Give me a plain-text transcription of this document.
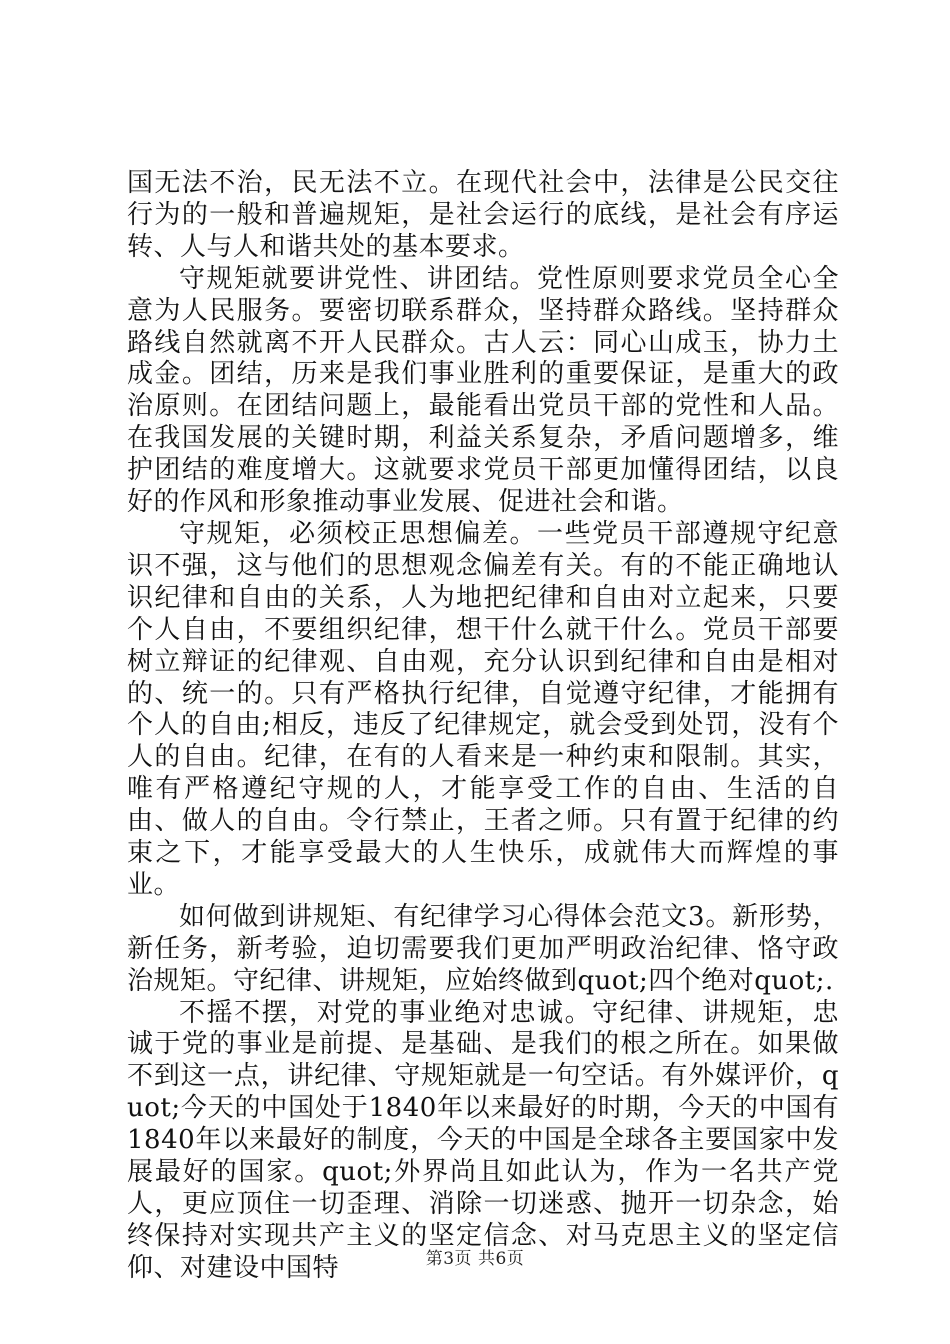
国无法不治，民无法不立。在现代社会中，法律是公民交往行为的一般和普遍规矩，是社会运行的底线，是社会有序运转、人与人和谐共处的基本要求。

守规矩就要讲党性、讲团结。党性原则要求党员全心全意为人民服务。要密切联系群众，坚持群众路线。坚持群众路线自然就离不开人民群众。古人云：同心山成玉，协力土成金。团结，历来是我们事业胜利的重要保证，是重大的政治原则。在团结问题上，最能看出党员干部的党性和人品。在我国发展的关键时期，利益关系复杂，矛盾问题增多，维护团结的难度增大。这就要求党员干部更加懂得团结，以良好的作风和形象推动事业发展、促进社会和谐。

守规矩，必须校正思想偏差。一些党员干部遵规守纪意识不强，这与他们的思想观念偏差有关。有的不能正确地认识纪律和自由的关系，人为地把纪律和自由对立起来，只要个人自由，不要组织纪律，想干什么就干什么。党员干部要树立辩证的纪律观、自由观，充分认识到纪律和自由是相对的、统一的。只有严格执行纪律，自觉遵守纪律，才能拥有个人的自由;相反，违反了纪律规定，就会受到处罚，没有个人的自由。纪律，在有的人看来是一种约束和限制。其实，唯有严格遵纪守规的人，才能享受工作的自由、生活的自由、做人的自由。令行禁止，王者之师。只有置于纪律的约束之下，才能享受最大的人生快乐，成就伟大而辉煌的事业。

如何做到讲规矩、有纪律学习心得体会范文3。新形势，新任务，新考验，迫切需要我们更加严明政治纪律、恪守政治规矩。守纪律、讲规矩，应始终做到quot;四个绝对quot;.

不摇不摆，对党的事业绝对忠诚。守纪律、讲规矩，忠诚于党的事业是前提、是基础、是我们的根之所在。如果做不到这一点，讲纪律、守规矩就是一句空话。有外媒评价，quot;今天的中国处于1840年以来最好的时期，今天的中国有1840年以来最好的制度，今天的中国是全球各主要国家中发展最好的国家。quot;外界尚且如此认为，作为一名共产党人，更应顶住一切歪理、消除一切迷惑、抛开一切杂念，始终保持对实现共产主义的坚定信念、对马克思主义的坚定信仰、对建设中国特	第3页 共6页
